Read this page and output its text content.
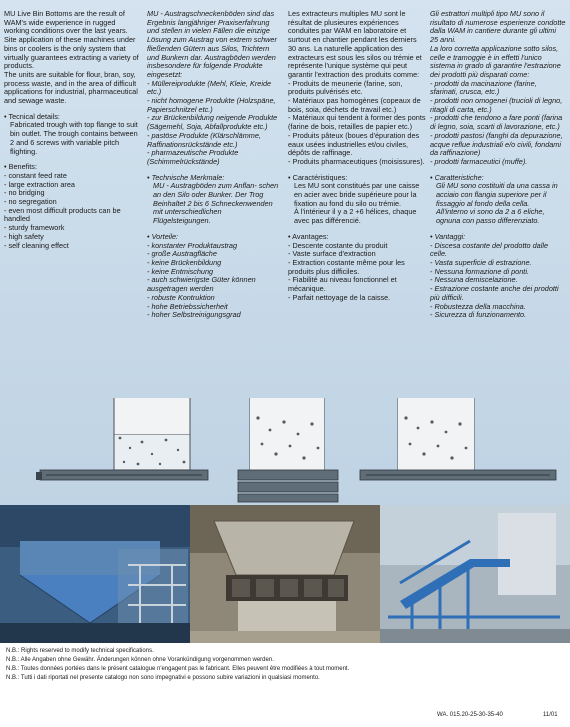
MU Live Bin Bottoms are the result of WAM's wide ewperience in rugged working conditions over the last years. Site application of these machines under bins or coolers is the only system that virtually guarantees extracting a variety of products.
The units are suitable for flour, bran, soy, process waste, and in the area of difficult applications for industrial, pharmaceutical and sewage waste.

• Tecnical details:

Fabricated trough with top flange to suit bin outlet. The trough contains between 2 and 6 screws with variable pitch flighting.

• Benefits:
- constant feed rate
- large extraction area
- no bridging
- no segregation
- even most difficult products can be handled
- sturdy framework
- high safety
- self cleaning effect

MU - Austragschneckenböden sind das Ergebnis langjähriger Praxiserfahrung und stellen in vielen Fällen die einzige Lösung zum Austrag von extrem schwer fließenden Gütern aus Silos, Trichtern und Bunkern dar. Austragböden werden insbesondere für folgende Produkte eingesetzt:

- Müllereiprodukte (Mehl, Kleie, Kreide etc.)
- nicht homogene Produkte (Holzspäne, Papierschnitzel etc.)
- zur Brückenbildung neigende Produkte (Sägemehl, Soja, Abfallprodukte etc.)
- pastöse Produkte (Klärschlämme, Raffinationsrückstände etc.)
- pharmazeutische Produkte (Schimmelrückstände)
• Technische Merkmale:

MU - Austragböden zum Anflan- schen an den Silo oder Bunker. Der Trog Beinhaltet 2 bis 6 Schneckenwenden mit unterschiedlichen Flügelsteigungen.

• Vorteile:
- konstanter Produktaustrag
- große Austragfläche
- keine Brückenbildung
- keine Entmischung
- auch schwierigste Güter können ausgetragen werden
- robuste Kontruktion
- hohe Betriebssicherheit
- hoher Selbstreinigungsgrad

Les extracteurs multiples MU sont le résultat de plusieures expériences conduites par WAM en laboratoire et surtout en chantier pendant les derniers 30 ans. La naturelle application des extracteurs est sous les silos ou trémie et représente l'unique système qui peut garantir l'extraction des produits comme:

- Produits de meunerie (farine, son, produits pulvérisés etc.
- Matériaux pas homogènes (copeaux de bois, soia, déchets de travail etc.)
- Matériaux qui tendent à former des ponts (farine de bois, retailles de papier etc.)
- Produits pâteux (boues d'épuration des eaux usées industrielles et/ou civiles, dépôts de raffinage.
- Produits pharmaceutiques (moisissures).
• Caractéristiques:

Les MU sont constitués par une caisse en acier avec bride supérieure pour la fixation au fond du silo ou trémie.
À l'intérieur il y a 2 +6 hélices, chaque avec pas différencié.

• Avantages:
- Descente costante du produit
- Vaste surface d'extraction
- Extraction costante même pour les produits plus difficiles.
- Fiabilité au niveau fonctionnel et mécanique.
- Parfait nettoyage de la caisse.

Gli estrattori multipli tipo MU sono il risultato di numerose esperienze condotte dalla WAM in cantiere durante gli ultimi 25 anni.
La loro corretta applicazione sotto silos, celle e tramoggie è in effetti l'unico sistema in grado di garantire l'estrazione dei prodotti più disparati come:

- prodotti da macinazione (farine, sfarinati, crusca, etc.)
- prodotti non omogenei (trucioli di legno, ritagli di carta, etc.)
- prodotti che tendono a fare ponti (farina di legno, soia, scarti di lavorazione, etc.)
- prodotti pastosi (fanghi da depurazione, acque reflue industriali e/o civili, fondami da raffinazione)
- prodotti farmaceutici (muffe).
• Caratteristiche:

Gli MU sono costituiti da una cassa in acciaio con flangia superiore per il fissaggio al fondo della cella.
All'interno vi sono da 2 a 6 eliche, ognuna con passo differenziato.

• Vantaggi:
- Discesa costante del prodotto dalle celle.
- Vasta superficie di estrazione.
- Nessuna formazione di ponti.
- Nessuna demiscelazione.
- Estrazione costante anche dei prodotti più difficili.
- Robustezza della macchina.
- Sicurezza di funzionamento.
N.B.: Rights reserved to modify technical specifications.
N.B.: Alle Angaben ohne Gewähr. Änderungen können ohne Vorankündigung vorgenommen werden.
N.B.: Toutes données portées dans le présent catalogue n'engagent pas le fabricant. Elles peuvent être modifiées à tout moment.
N.B.: Tutti i dati riportati nel presente catalogo non sono impegnativi e possono subire variazioni in qualsiasi momento.
WA. 015.20-25-30-35-40	11/01
